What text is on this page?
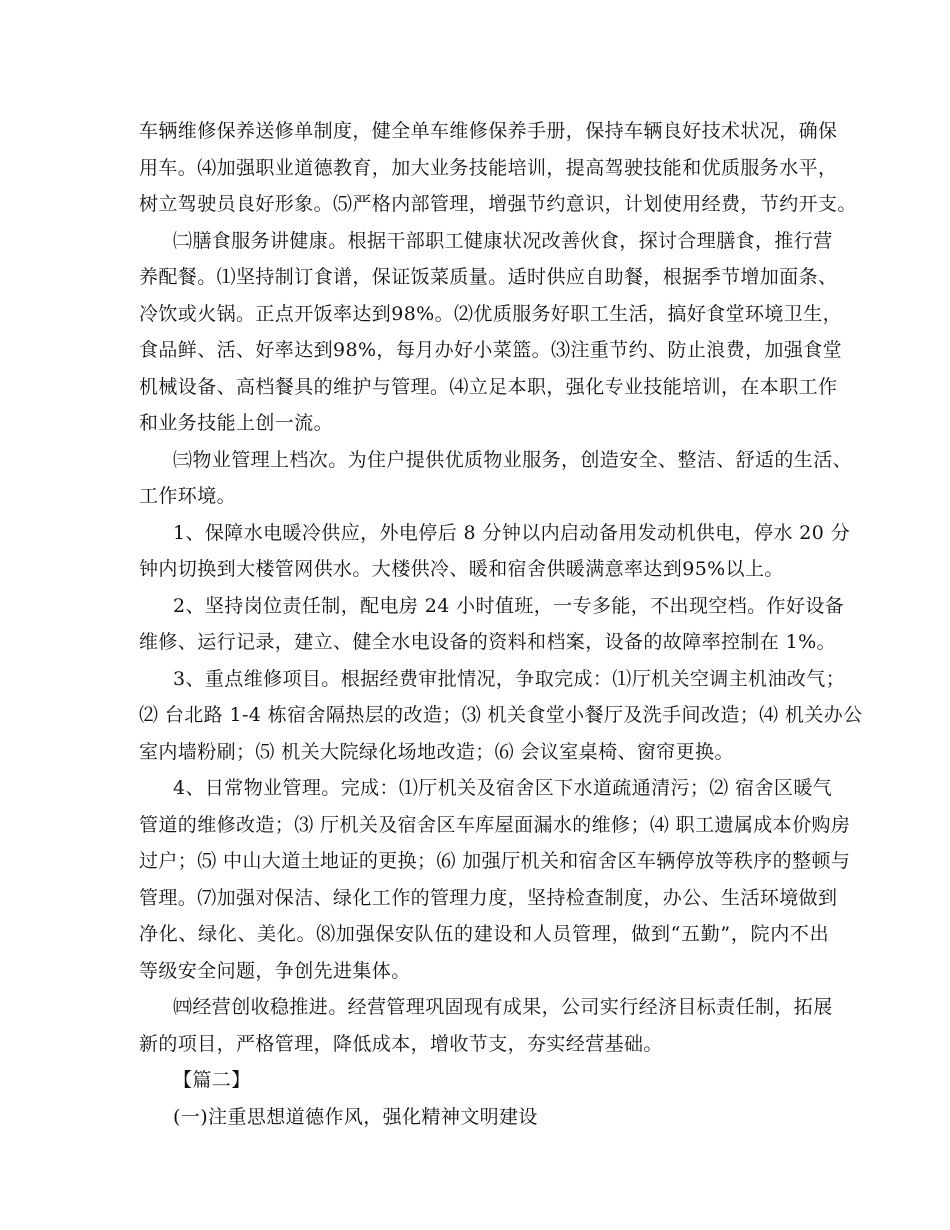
车辆维修保养送修单制度，健全单车维修保养手册，保持车辆良好技术状况，确保
用车。⑷加强职业道德教育，加大业务技能培训，提高驾驶技能和优质服务水平，
树立驾驶员良好形象。⑸严格内部管理，增强节约意识，计划使用经费，节约开支。
㈡膳食服务讲健康。根据干部职工健康状况改善伙食，探讨合理膳食，推行营
养配餐。⑴坚持制订食谱，保证饭菜质量。适时供应自助餐，根据季节增加面条、
冷饮或火锅。正点开饭率达到98%。⑵优质服务好职工生活，搞好食堂环境卫生，
食品鲜、活、好率达到98%，每月办好小菜篮。⑶注重节约、防止浪费，加强食堂
机械设备、高档餐具的维护与管理。⑷立足本职，强化专业技能培训，在本职工作
和业务技能上创一流。
㈢物业管理上档次。为住户提供优质物业服务，创造安全、整洁、舒适的生活、
工作环境。
1、保障水电暖冷供应，外电停后 8 分钟以内启动备用发动机供电，停水 20 分
钟内切换到大楼管网供水。大楼供冷、暖和宿舍供暖满意率达到95%以上。
2、坚持岗位责任制，配电房 24 小时值班，一专多能，不出现空档。作好设备
维修、运行记录，建立、健全水电设备的资料和档案，设备的故障率控制在 1%。
3、重点维修项目。根据经费审批情况，争取完成：⑴厅机关空调主机油改气；
⑵ 台北路 1-4 栋宿舍隔热层的改造；⑶ 机关食堂小餐厅及洗手间改造；⑷ 机关办公
室内墙粉刷；⑸ 机关大院绿化场地改造；⑹ 会议室桌椅、窗帘更换。
4、日常物业管理。完成：⑴厅机关及宿舍区下水道疏通清污；⑵ 宿舍区暖气
管道的维修改造；⑶ 厅机关及宿舍区车库屋面漏水的维修；⑷ 职工遗属成本价购房
过户；⑸ 中山大道土地证的更换；⑹ 加强厅机关和宿舍区车辆停放等秩序的整顿与
管理。⑺加强对保洁、绿化工作的管理力度，坚持检查制度，办公、生活环境做到
净化、绿化、美化。⑻加强保安队伍的建设和人员管理，做到“五勤”，院内不出
等级安全问题，争创先进集体。
㈣经营创收稳推进。经营管理巩固现有成果，公司实行经济目标责任制，拓展
新的项目，严格管理，降低成本，增收节支，夯实经营基础。
【篇二】
(一)注重思想道德作风，强化精神文明建设
